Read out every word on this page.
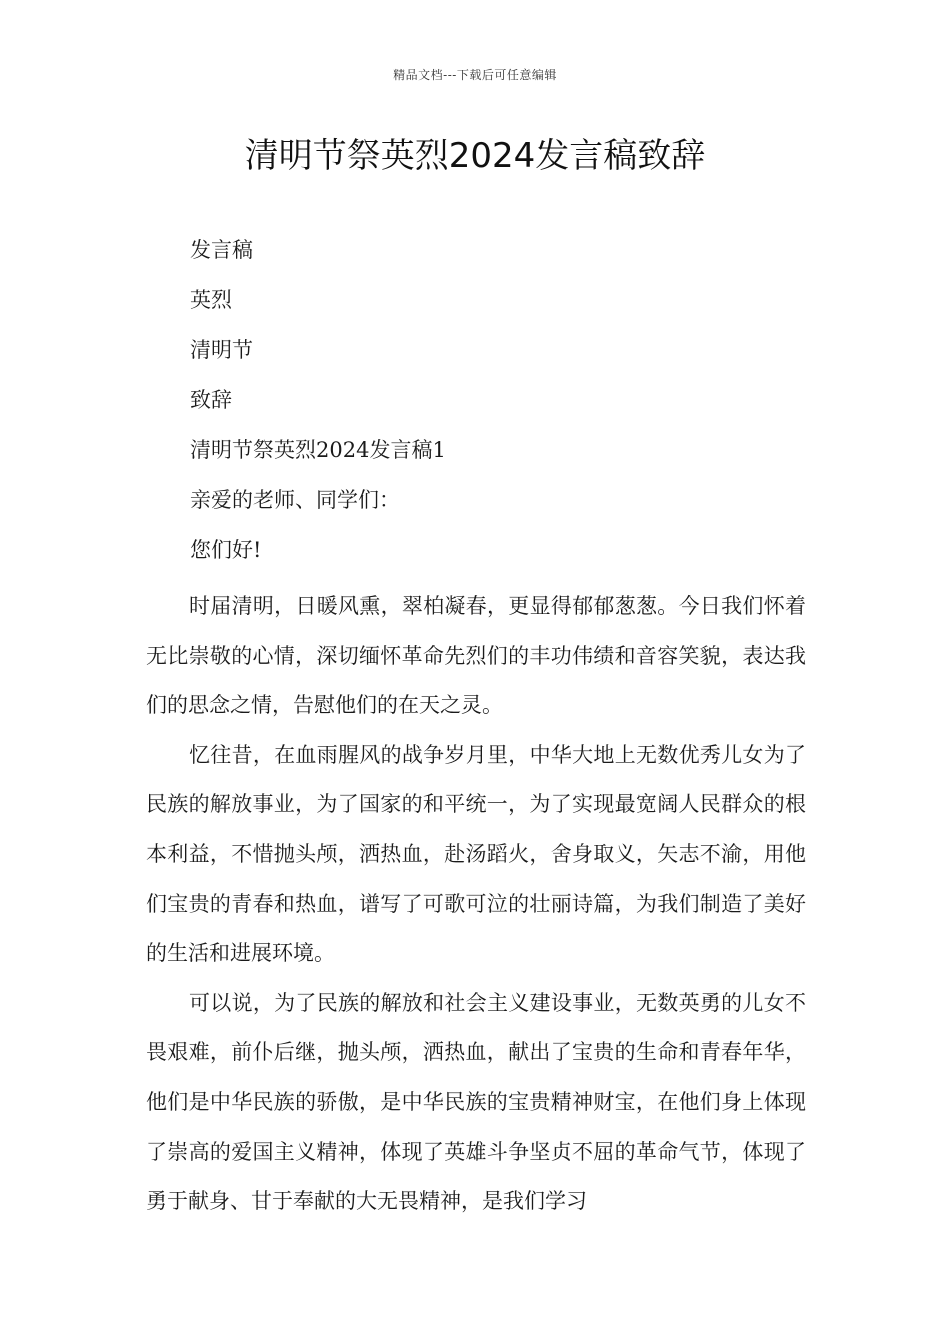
精品文档---下载后可任意编辑
清明节祭英烈2024发言稿致辞
发言稿
英烈
清明节
致辞
清明节祭英烈2024发言稿1
亲爱的老师、同学们：
您们好!

时届清明，日暖风熏，翠柏凝春，更显得郁郁葱葱。今日我们怀着无比崇敬的心情，深切缅怀革命先烈们的丰功伟绩和音容笑貌，表达我们的思念之情，告慰他们的在天之灵。

忆往昔，在血雨腥风的战争岁月里，中华大地上无数优秀儿女为了民族的解放事业，为了国家的和平统一，为了实现最宽阔人民群众的根本利益，不惜抛头颅，洒热血，赴汤蹈火，舍身取义，矢志不渝，用他们宝贵的青春和热血，谱写了可歌可泣的壮丽诗篇，为我们制造了美好的生活和进展环境。

可以说，为了民族的解放和社会主义建设事业，无数英勇的儿女不畏艰难，前仆后继，抛头颅，洒热血，献出了宝贵的生命和青春年华，他们是中华民族的骄傲，是中华民族的宝贵精神财宝，在他们身上体现了崇高的爱国主义精神，体现了英雄斗争坚贞不屈的革命气节，体现了勇于献身、甘于奉献的大无畏精神，是我们学习
